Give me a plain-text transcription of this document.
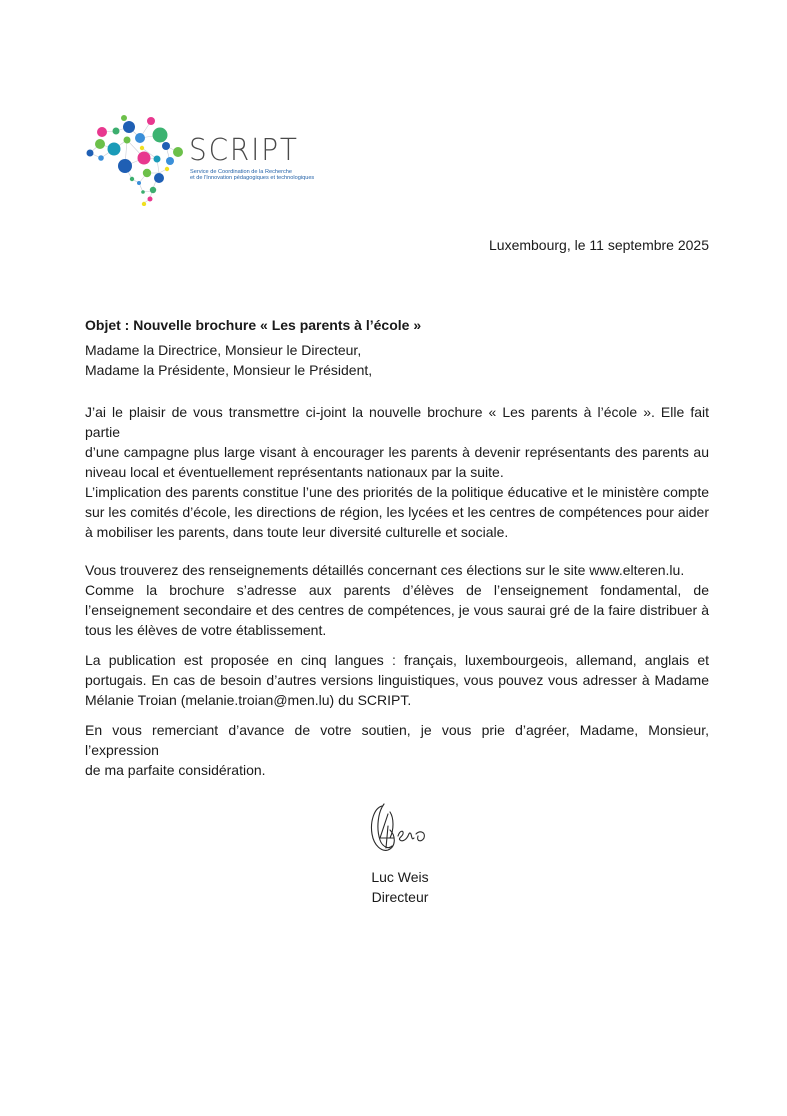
SCRIPT
Service de Coordination de la Recherche
et de l'Innovation pédagogiques et technologiques
Luxembourg, le 11 septembre 2025
Objet : Nouvelle brochure « Les parents à l’école »
Madame la Directrice, Monsieur le Directeur,
Madame la Présidente, Monsieur le Président,
J’ai le plaisir de vous transmettre ci-joint la nouvelle brochure « Les parents à l’école ». Elle fait partie
d’une campagne plus large visant à encourager les parents à devenir représentants des parents au
niveau local et éventuellement représentants nationaux par la suite.
L’implication des parents constitue l’une des priorités de la politique éducative et le ministère compte
sur les comités d’école, les directions de région, les lycées et les centres de compétences pour aider
à mobiliser les parents, dans toute leur diversité culturelle et sociale.
Vous trouverez des renseignements détaillés concernant ces élections sur le site www.elteren.lu.
Comme la brochure s’adresse aux parents d’élèves de l’enseignement fondamental, de
l’enseignement secondaire et des centres de compétences, je vous saurai gré de la faire distribuer à
tous les élèves de votre établissement.
La publication est proposée en cinq langues : français, luxembourgeois, allemand, anglais et
portugais. En cas de besoin d’autres versions linguistiques, vous pouvez vous adresser à Madame
Mélanie Troian (melanie.troian@men.lu) du SCRIPT.
En vous remerciant d’avance de votre soutien, je vous prie d’agréer, Madame, Monsieur, l’expression
de ma parfaite considération.
Luc Weis
Directeur
